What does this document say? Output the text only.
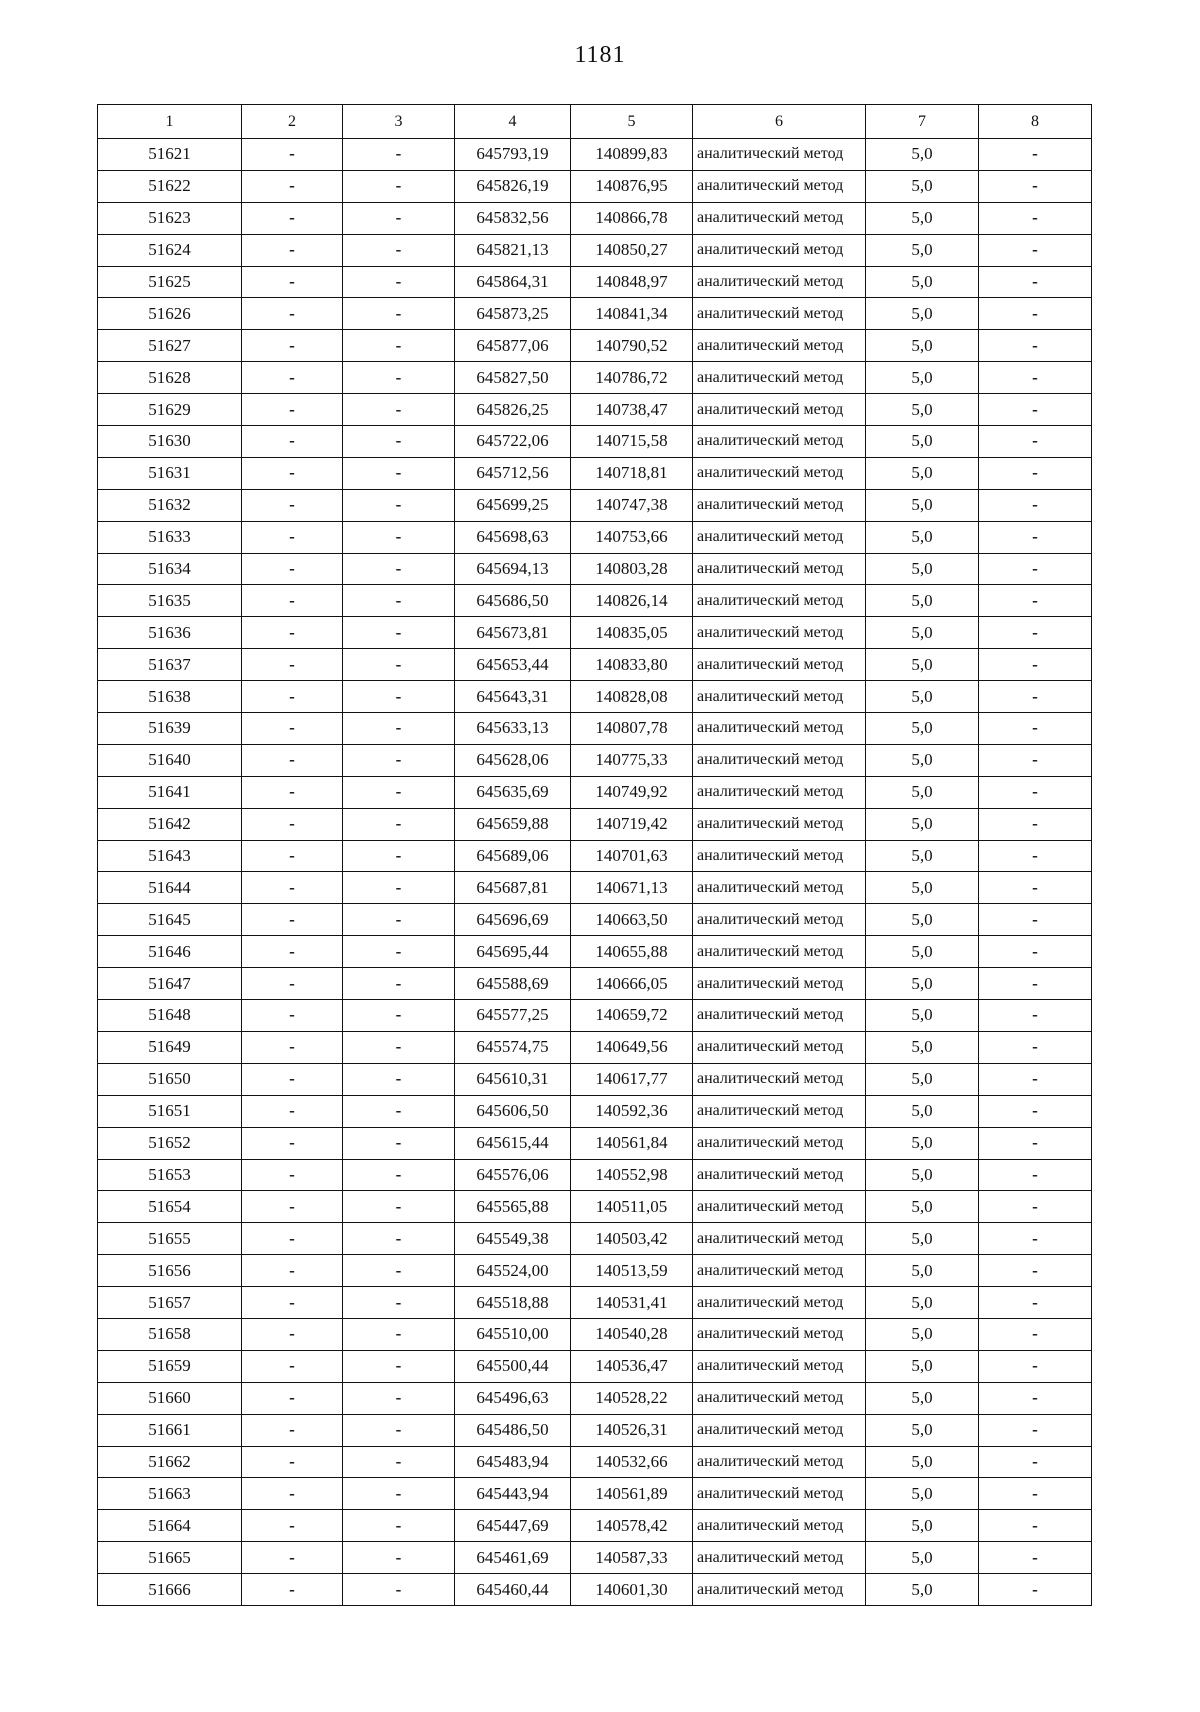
1181
1	2	3	4	5	6	7	8
51621	-	-	645793,19	140899,83	аналитический метод	5,0	-
51622	-	-	645826,19	140876,95	аналитический метод	5,0	-
51623	-	-	645832,56	140866,78	аналитический метод	5,0	-
51624	-	-	645821,13	140850,27	аналитический метод	5,0	-
51625	-	-	645864,31	140848,97	аналитический метод	5,0	-
51626	-	-	645873,25	140841,34	аналитический метод	5,0	-
51627	-	-	645877,06	140790,52	аналитический метод	5,0	-
51628	-	-	645827,50	140786,72	аналитический метод	5,0	-
51629	-	-	645826,25	140738,47	аналитический метод	5,0	-
51630	-	-	645722,06	140715,58	аналитический метод	5,0	-
51631	-	-	645712,56	140718,81	аналитический метод	5,0	-
51632	-	-	645699,25	140747,38	аналитический метод	5,0	-
51633	-	-	645698,63	140753,66	аналитический метод	5,0	-
51634	-	-	645694,13	140803,28	аналитический метод	5,0	-
51635	-	-	645686,50	140826,14	аналитический метод	5,0	-
51636	-	-	645673,81	140835,05	аналитический метод	5,0	-
51637	-	-	645653,44	140833,80	аналитический метод	5,0	-
51638	-	-	645643,31	140828,08	аналитический метод	5,0	-
51639	-	-	645633,13	140807,78	аналитический метод	5,0	-
51640	-	-	645628,06	140775,33	аналитический метод	5,0	-
51641	-	-	645635,69	140749,92	аналитический метод	5,0	-
51642	-	-	645659,88	140719,42	аналитический метод	5,0	-
51643	-	-	645689,06	140701,63	аналитический метод	5,0	-
51644	-	-	645687,81	140671,13	аналитический метод	5,0	-
51645	-	-	645696,69	140663,50	аналитический метод	5,0	-
51646	-	-	645695,44	140655,88	аналитический метод	5,0	-
51647	-	-	645588,69	140666,05	аналитический метод	5,0	-
51648	-	-	645577,25	140659,72	аналитический метод	5,0	-
51649	-	-	645574,75	140649,56	аналитический метод	5,0	-
51650	-	-	645610,31	140617,77	аналитический метод	5,0	-
51651	-	-	645606,50	140592,36	аналитический метод	5,0	-
51652	-	-	645615,44	140561,84	аналитический метод	5,0	-
51653	-	-	645576,06	140552,98	аналитический метод	5,0	-
51654	-	-	645565,88	140511,05	аналитический метод	5,0	-
51655	-	-	645549,38	140503,42	аналитический метод	5,0	-
51656	-	-	645524,00	140513,59	аналитический метод	5,0	-
51657	-	-	645518,88	140531,41	аналитический метод	5,0	-
51658	-	-	645510,00	140540,28	аналитический метод	5,0	-
51659	-	-	645500,44	140536,47	аналитический метод	5,0	-
51660	-	-	645496,63	140528,22	аналитический метод	5,0	-
51661	-	-	645486,50	140526,31	аналитический метод	5,0	-
51662	-	-	645483,94	140532,66	аналитический метод	5,0	-
51663	-	-	645443,94	140561,89	аналитический метод	5,0	-
51664	-	-	645447,69	140578,42	аналитический метод	5,0	-
51665	-	-	645461,69	140587,33	аналитический метод	5,0	-
51666	-	-	645460,44	140601,30	аналитический метод	5,0	-
